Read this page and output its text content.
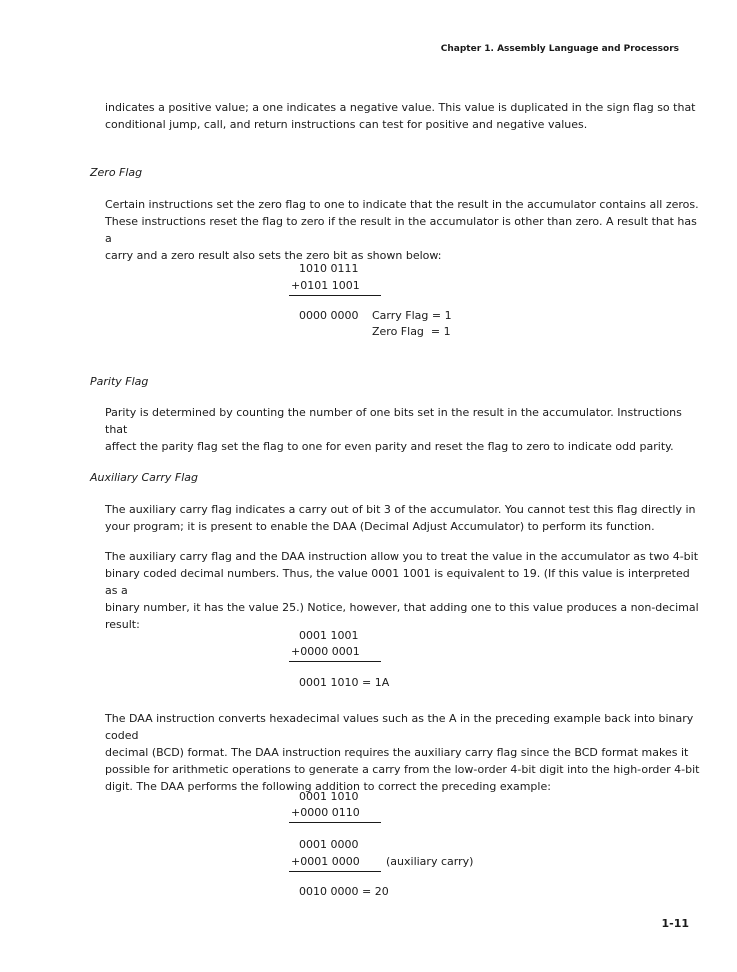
Chapter 1. Assembly Language and Processors
indicates a positive value; a one indicates a negative value. This value is duplicated in the sign flag so that
conditional jump, call, and return instructions can test for positive and negative values.
Zero Flag
Certain instructions set the zero flag to one to indicate that the result in the accumulator contains all zeros.
These instructions reset the flag to zero if the result in the accumulator is other than zero. A result that has a
carry and a zero result also sets the zero bit as shown below:
1010 0111
+0101 1001
0000 0000 Carry Flag = 1
Zero Flag  = 1
Parity Flag
Parity is determined by counting the number of one bits set in the result in the accumulator. Instructions that
affect the parity flag set the flag to one for even parity and reset the flag to zero to indicate odd parity.
Auxiliary Carry Flag
The auxiliary carry flag indicates a carry out of bit 3 of the accumulator. You cannot test this flag directly in
your program; it is present to enable the DAA (Decimal Adjust Accumulator) to perform its function.
The auxiliary carry flag and the DAA instruction allow you to treat the value in the accumulator as two 4-bit
binary coded decimal numbers. Thus, the value 0001 1001 is equivalent to 19. (If this value is interpreted as a
binary number, it has the value 25.) Notice, however, that adding one to this value produces a non-decimal
result:
0001 1001
+0000 0001
0001 1010 = 1A
The DAA instruction converts hexadecimal values such as the A in the preceding example back into binary coded
decimal (BCD) format. The DAA instruction requires the auxiliary carry flag since the BCD format makes it
possible for arithmetic operations to generate a carry from the low-order 4-bit digit into the high-order 4-bit
digit. The DAA performs the following addition to correct the preceding example:
0001 1010
+0000 0110
0001 0000
+0001 0000 (auxiliary carry)
0010 0000 = 20
1-11
